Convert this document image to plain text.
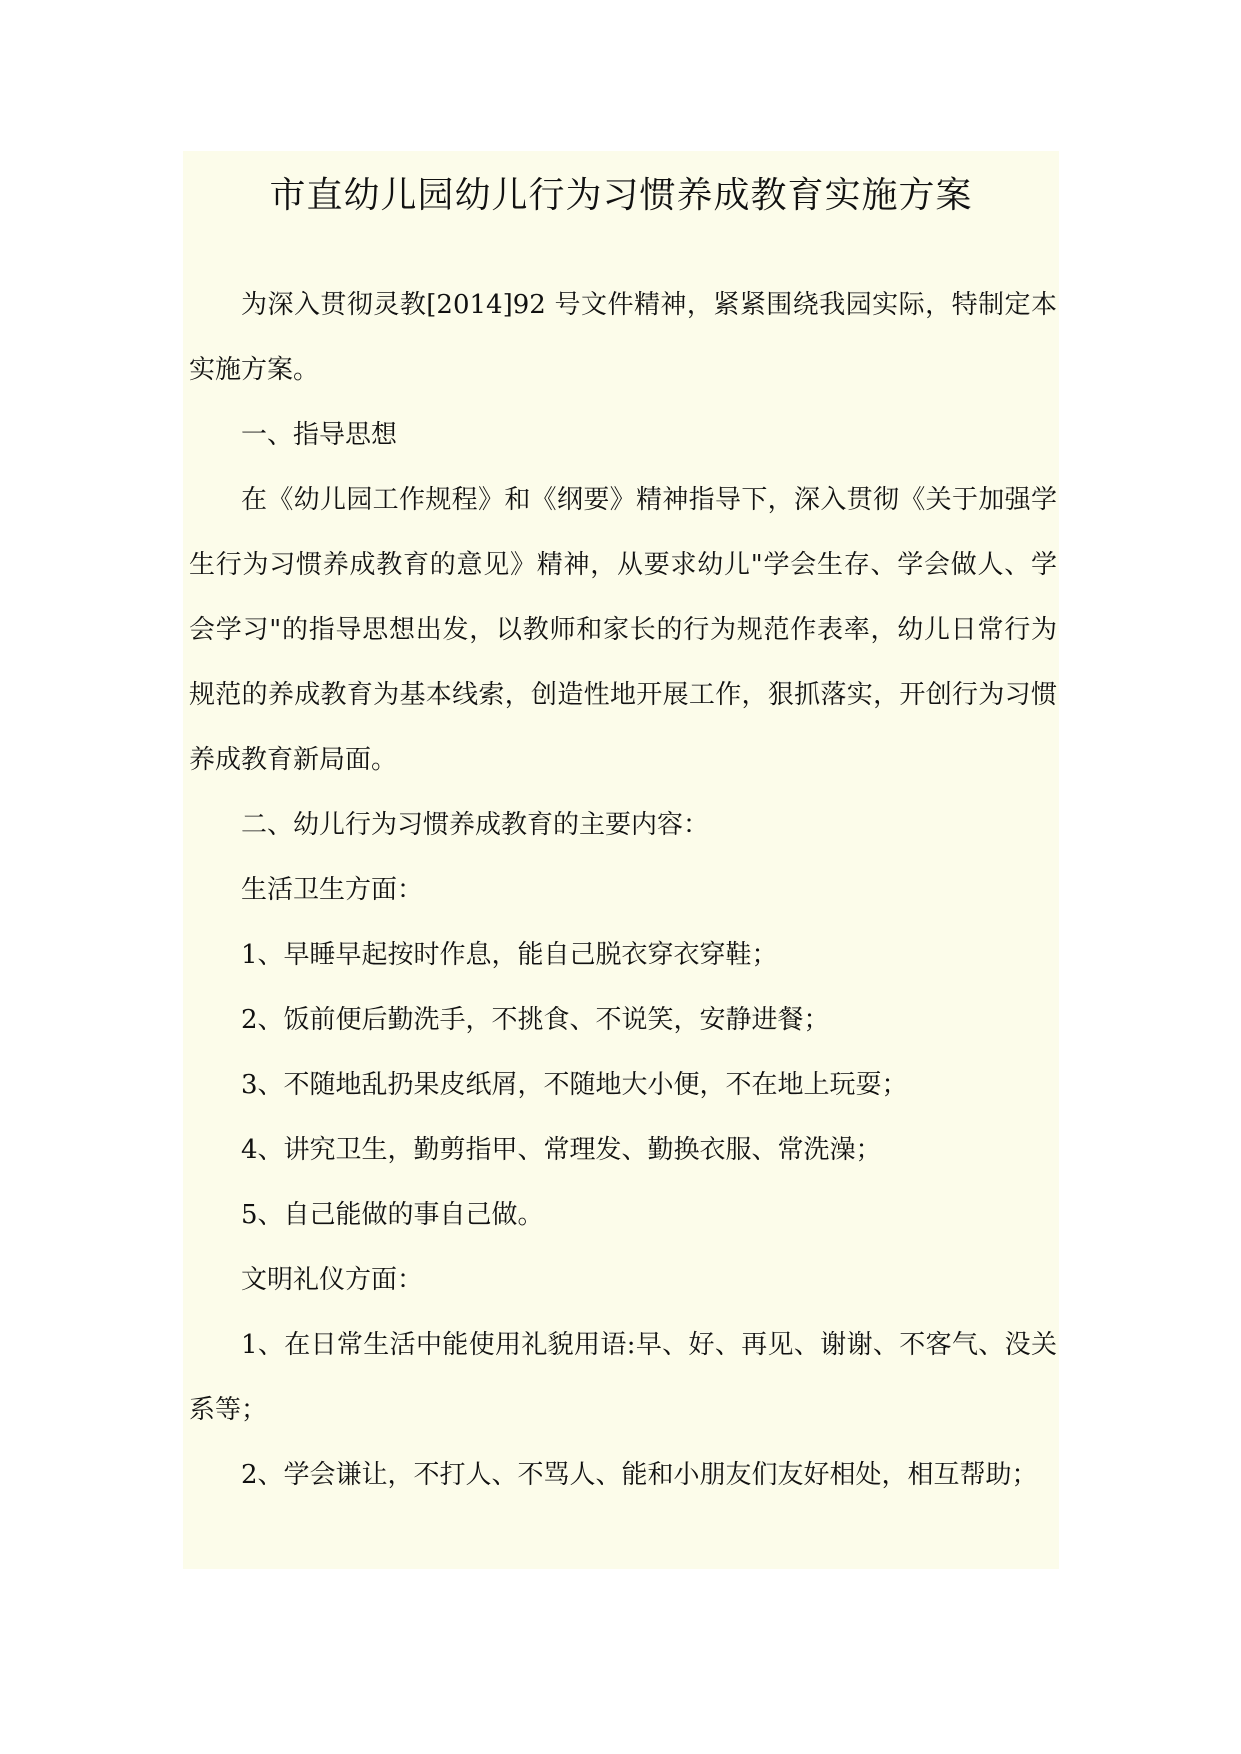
市直幼儿园幼儿行为习惯养成教育实施方案

为深入贯彻灵教[2014]92 号文件精神，紧紧围绕我园实际，特制定本实施方案。

一、指导思想

在《幼儿园工作规程》和《纲要》精神指导下，深入贯彻《关于加强学生行为习惯养成教育的意见》精神，从要求幼儿"学会生存、学会做人、学会学习"的指导思想出发，以教师和家长的行为规范作表率，幼儿日常行为规范的养成教育为基本线索，创造性地开展工作，狠抓落实，开创行为习惯养成教育新局面。

二、幼儿行为习惯养成教育的主要内容：

生活卫生方面：

1、早睡早起按时作息，能自己脱衣穿衣穿鞋；

2、饭前便后勤洗手，不挑食、不说笑，安静进餐；

3、不随地乱扔果皮纸屑，不随地大小便，不在地上玩耍；

4、讲究卫生，勤剪指甲、常理发、勤换衣服、常洗澡；

5、自己能做的事自己做。

文明礼仪方面：

1、在日常生活中能使用礼貌用语:早、好、再见、谢谢、不客气、没关系等；

2、学会谦让，不打人、不骂人、能和小朋友们友好相处，相互帮助；
